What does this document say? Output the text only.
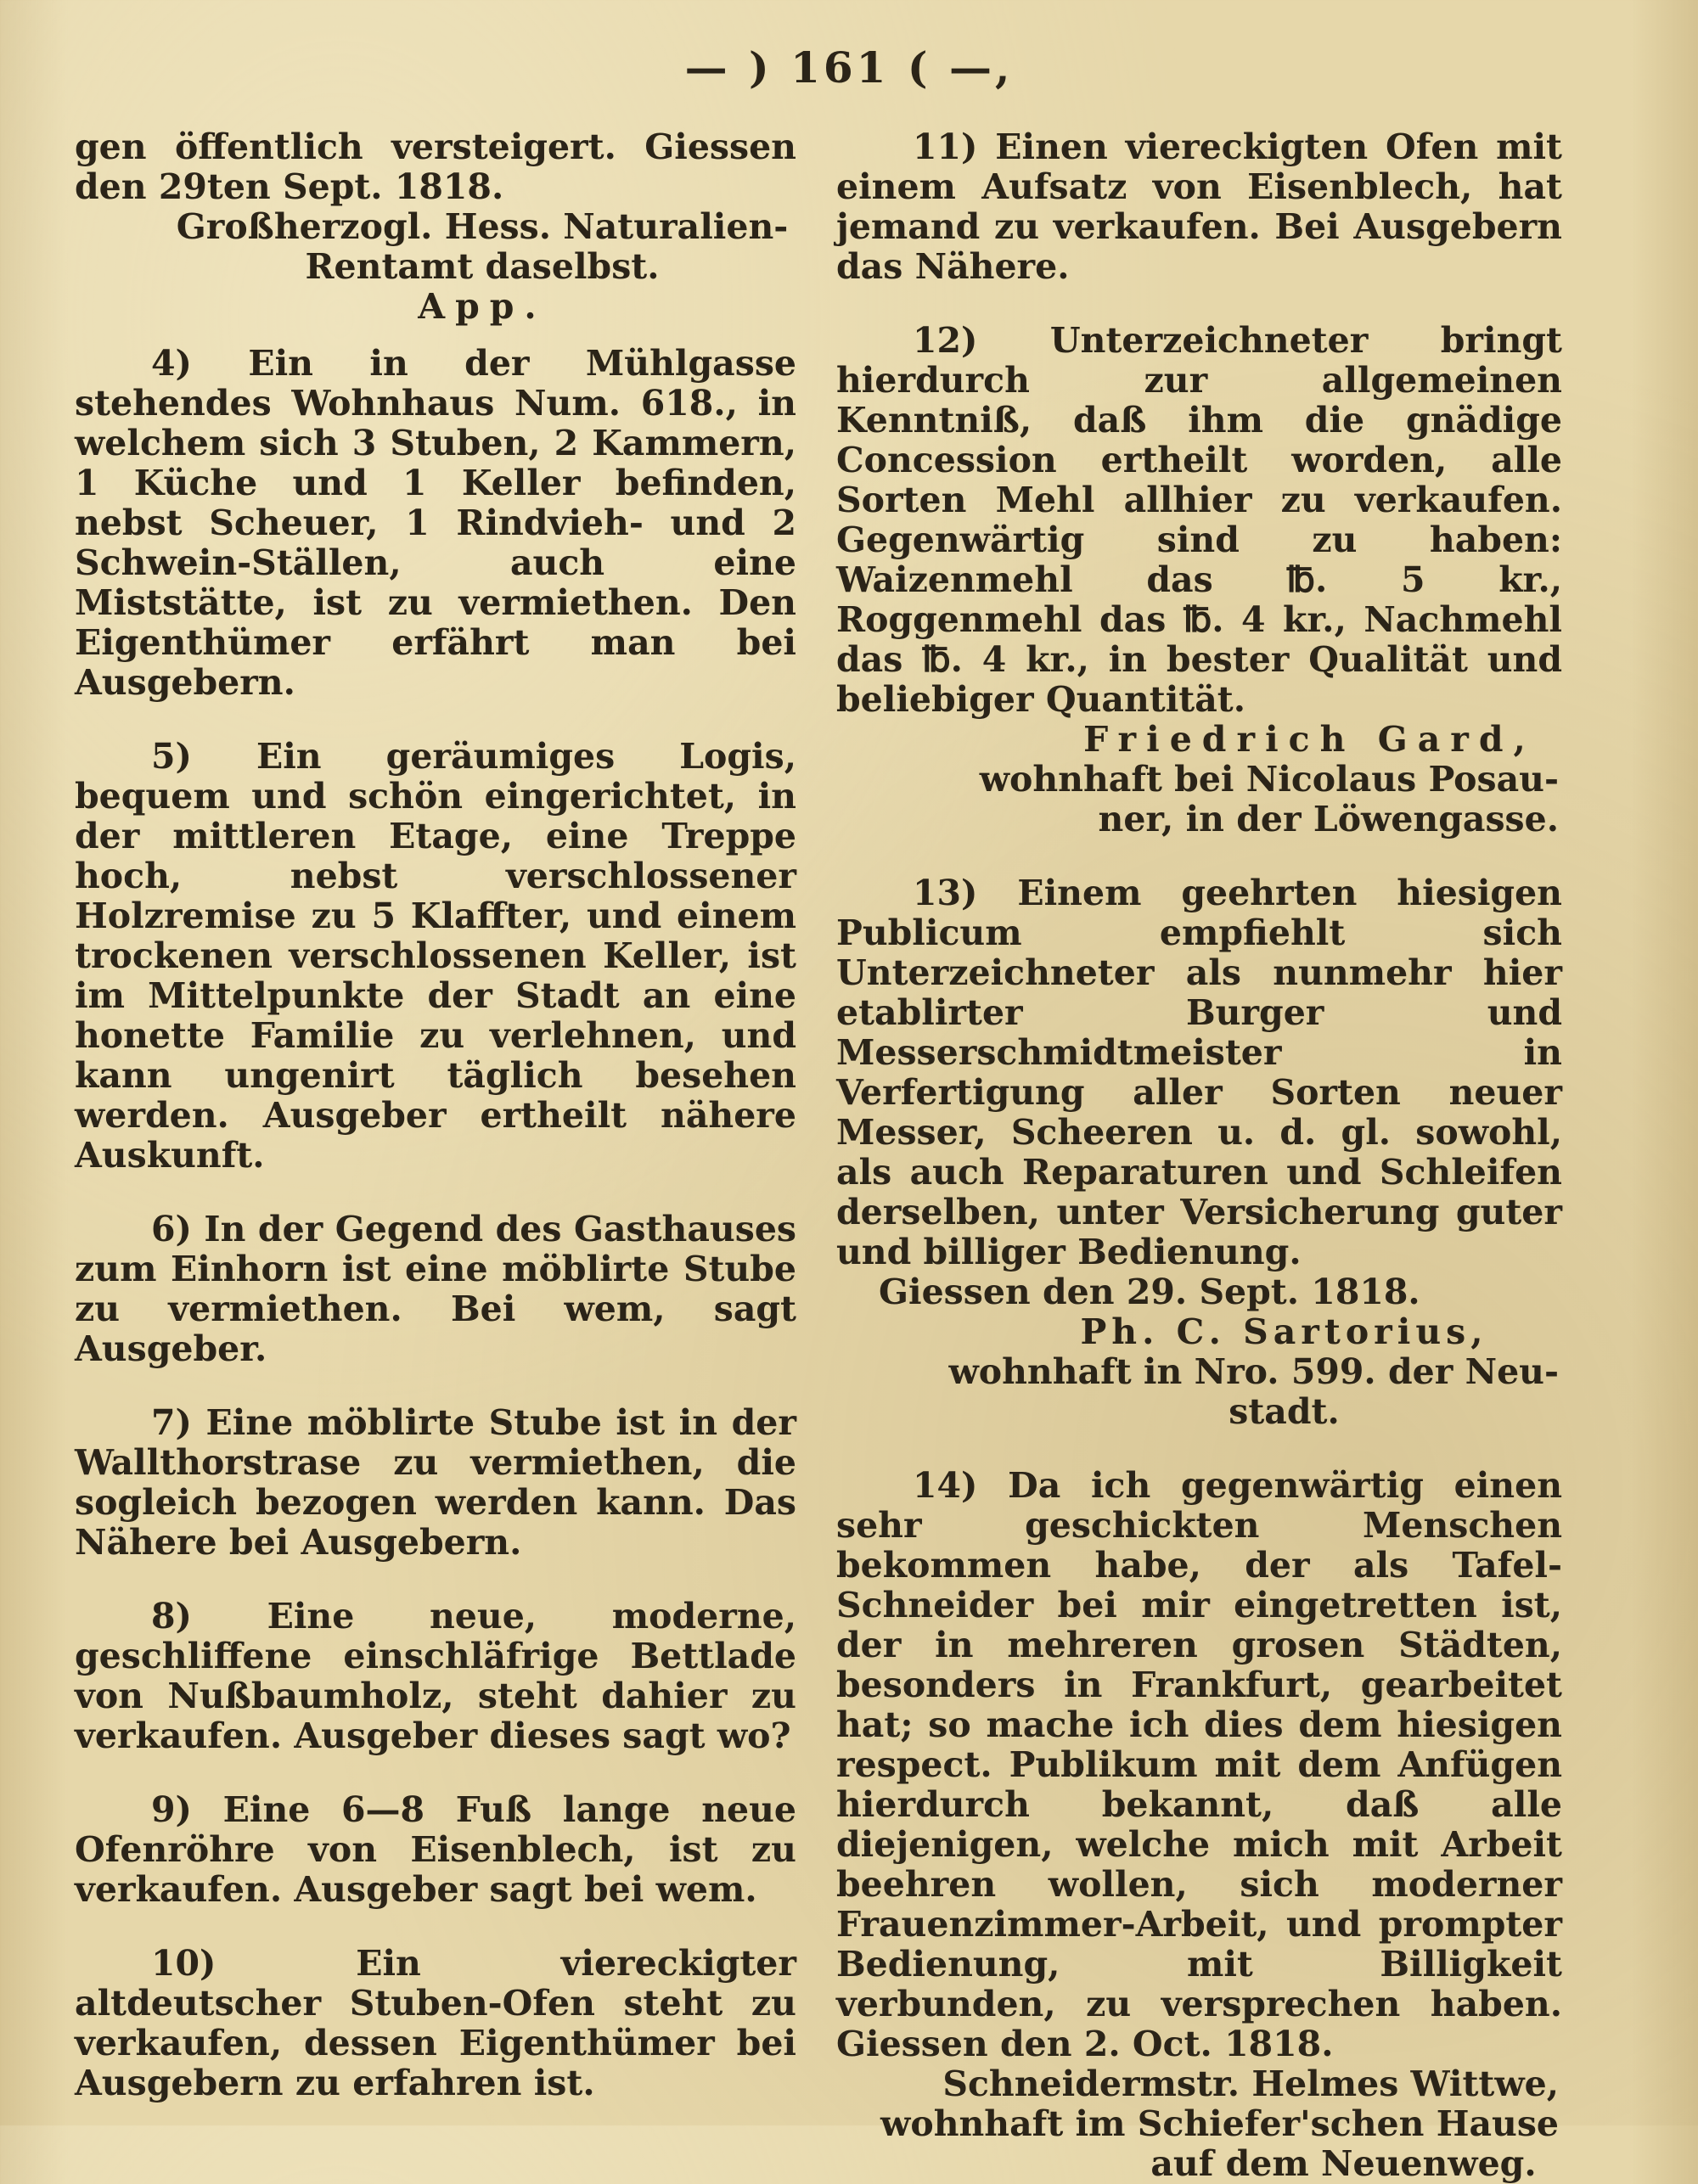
— ) 161 ( —,

gen öffentlich versteigert. Giessen den 29ten Sept. 1818.

Großherzogl. Hess. Naturalien-

Rentamt daselbst.

App.

4) Ein in der Mühlgasse stehendes Wohnhaus Num. 618., in welchem sich 3 Stuben, 2 Kammern, 1 Küche und 1 Keller befinden, nebst Scheuer, 1 Rindvieh- und 2 Schwein-Ställen, auch eine Miststätte, ist zu vermiethen. Den Eigenthümer erfährt man bei Ausgebern.

5) Ein geräumiges Logis, bequem und schön eingerichtet, in der mittleren Etage, eine Treppe hoch, nebst verschlossener Holzremise zu 5 Klaffter, und einem trockenen verschlossenen Keller, ist im Mittelpunkte der Stadt an eine honette Familie zu verlehnen, und kann ungenirt täglich besehen werden. Ausgeber ertheilt nähere Auskunft.

6) In der Gegend des Gasthauses zum Einhorn ist eine möblirte Stube zu vermiethen. Bei wem, sagt Ausgeber.

7) Eine möblirte Stube ist in der Wallthorstrase zu vermiethen, die sogleich bezogen werden kann. Das Nähere bei Ausgebern.

8) Eine neue, moderne, geschliffene einschläfrige Bettlade von Nußbaumholz, steht dahier zu verkaufen. Ausgeber dieses sagt wo?

9) Eine 6—8 Fuß lange neue Ofenröhre von Eisenblech, ist zu verkaufen. Ausgeber sagt bei wem.

10) Ein viereckigter altdeutscher Stuben-Ofen steht zu verkaufen, dessen Eigenthümer bei Ausgebern zu erfahren ist.

11) Einen viereckigten Ofen mit einem Aufsatz von Eisenblech, hat jemand zu verkaufen. Bei Ausgebern das Nähere.

12) Unterzeichneter bringt hierdurch zur allgemeinen Kenntniß, daß ihm die gnädige Concession ertheilt worden, alle Sorten Mehl allhier zu verkaufen. Gegenwärtig sind zu haben: Waizenmehl das ℔. 5 kr., Roggenmehl das ℔. 4 kr., Nachmehl das ℔. 4 kr., in bester Qualität und beliebiger Quantität.

Friedrich Gard,

wohnhaft bei Nicolaus Posau-

ner, in der Löwengasse.

13) Einem geehrten hiesigen Publicum empfiehlt sich Unterzeichneter als nunmehr hier etablirter Burger und Messerschmidtmeister in Verfertigung aller Sorten neuer Messer, Scheeren u. d. gl. sowohl, als auch Reparaturen und Schleifen derselben, unter Versicherung guter und billiger Bedienung.

Giessen den 29. Sept. 1818.

Ph. C. Sartorius,

wohnhaft in Nro. 599. der Neu-

stadt.

14) Da ich gegenwärtig einen sehr geschickten Menschen bekommen habe, der als Tafel-Schneider bei mir eingetretten ist, der in mehreren grosen Städten, besonders in Frankfurt, gearbeitet hat; so mache ich dies dem hiesigen respect. Publikum mit dem Anfügen hierdurch bekannt, daß alle diejenigen, welche mich mit Arbeit beehren wollen, sich moderner Frauenzimmer-Arbeit, und prompter Bedienung, mit Billigkeit verbunden, zu versprechen haben. Giessen den 2. Oct. 1818.

Schneidermstr. Helmes Wittwe,

wohnhaft im Schiefer'schen Hause

auf dem Neuenweg.
